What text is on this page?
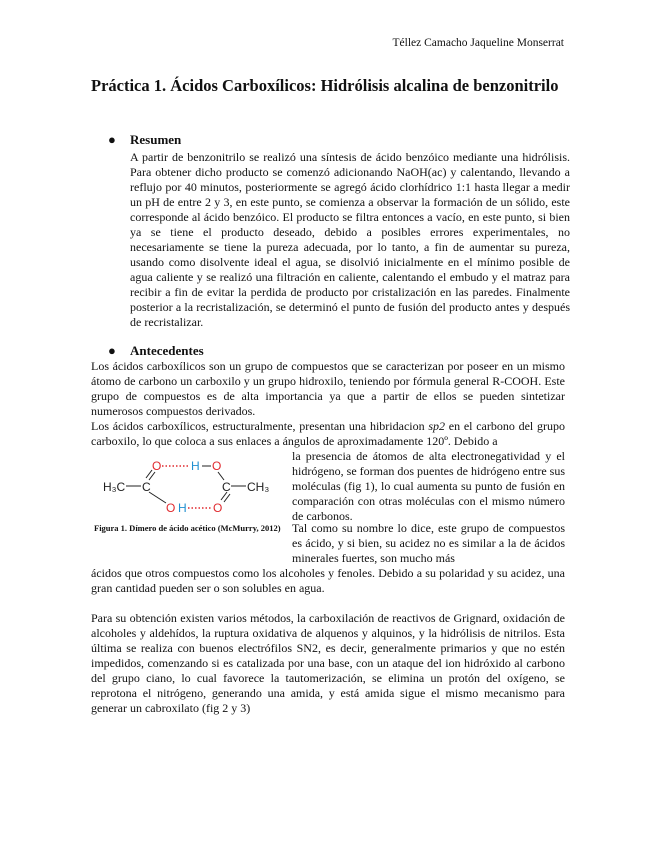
Téllez Camacho Jaqueline Monserrat
Práctica 1. Ácidos Carboxílicos: Hidrólisis alcalina de benzonitrilo
● Resumen

A partir de benzonitrilo se realizó una síntesis de ácido benzóico mediante una hidrólisis. Para obtener dicho producto se comenzó adicionando NaOH(ac) y calentando, llevando a reflujo por 40 minutos, posteriormente se agregó ácido clorhídrico 1:1 hasta llegar a medir un pH de entre 2 y 3, en este punto, se comienza a observar la formación de un sólido, este corresponde al ácido benzóico. El producto se filtra entonces a vacío, en este punto, si bien ya se tiene el producto deseado, debido a posibles errores experimentales, no necesariamente se tiene la pureza adecuada, por lo tanto, a fin de aumentar su pureza, usando como disolvente ideal el agua, se disolvió inicialmente en el mínimo posible de agua caliente y se realizó una filtración en caliente, calentando el embudo y el matraz para recibir a fin de evitar la perdida de producto por cristalización en las paredes. Finalmente posterior a la recristalización, se determinó el punto de fusión del producto antes y después de recristalizar.

● Antecedentes

Los ácidos carboxílicos son un grupo de compuestos que se caracterizan por poseer en un mismo átomo de carbono un carboxilo y un grupo hidroxilo, teniendo por fórmula general R-COOH. Este grupo de compuestos es de alta importancia ya que a partir de ellos se pueden sintetizar numerosos compuestos derivados.

Los ácidos carboxílicos, estructuralmente, presentan una hibridacion sp2 en el carbono del grupo carboxilo, lo que coloca a sus enlaces a ángulos de aproximadamente 120º. Debido a

la presencia de átomos de alta electronegatividad y el hidrógeno, se forman dos puentes de hidrógeno entre sus moléculas (fig 1), lo cual aumenta su punto de fusión en comparación con otras moléculas con el mismo número de carbonos.

Tal como su nombre lo dice, este grupo de compuestos es ácido, y si bien, su acidez no es similar a la de ácidos minerales fuertes, son mucho más

ácidos que otros compuestos como los alcoholes y fenoles. Debido a su polaridad y su acidez, una gran cantidad pueden ser o son solubles en agua.

Para su obtención existen varios métodos, la carboxilación de reactivos de Grignard, oxidación de alcoholes y aldehídos, la ruptura oxidativa de alquenos y alquinos, y la hidrólisis de nitrilos. Esta última se realiza con buenos electrófilos SN2, es decir, generalmente primarios y que no estén impedidos, comenzando si es catalizada por una base, con un ataque del ion hidróxido al carbono del grupo ciano, lo cual favorece la tautomerización, se elimina un protón del oxígeno, se reprotona el nitrógeno, generando una amida, y está amida sigue el mismo mecanismo para generar un cabroxilato (fig 2 y 3)

O H O
H₃C C	C CH₃
O H O

Figura 1. Dímero de ácido acético (McMurry, 2012)
